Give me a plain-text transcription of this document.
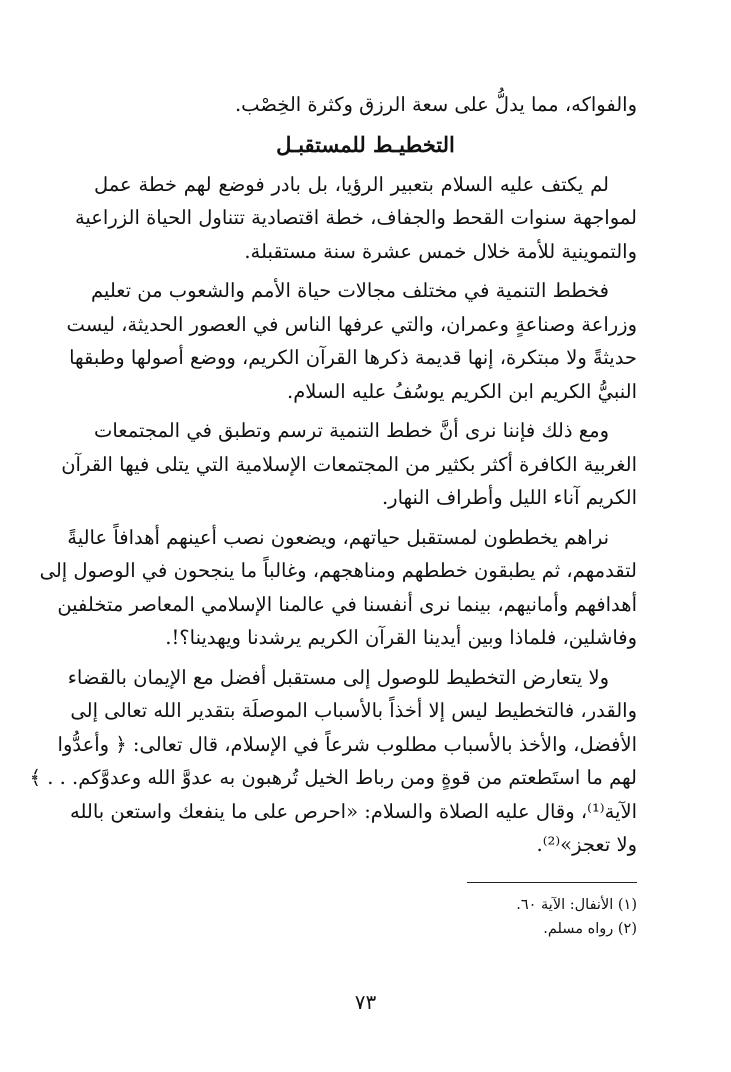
والفواكه، مما يدلُّ على سعة الرزق وكثرة الخِصْب.
التخطيـط للمستقبـل
لم يكتف عليه السلام بتعبير الرؤيا، بل بادر فوضع لهم خطة عمل
لمواجهة سنوات القحط والجفاف، خطة اقتصادية تتناول الحياة الزراعية
والتموينية للأمة خلال خمس عشرة سنة مستقبلة.
فخطط التنمية في مختلف مجالات حياة الأمم والشعوب من تعليم
وزراعة وصناعةٍ وعمران، والتي عرفها الناس في العصور الحديثة، ليست
حديثةً ولا مبتكرة، إنها قديمة ذكرها القرآن الكريم، ووضع أصولها وطبقها
النبيُّ الكريم ابن الكريم يوسُفُ عليه السلام.
ومع ذلك فإننا نرى أنَّ خطط التنمية ترسم وتطبق في المجتمعات
الغربية الكافرة أكثر بكثير من المجتمعات الإسلامية التي يتلى فيها القرآن
الكريم آناء الليل وأطراف النهار.
نراهم يخططون لمستقبل حياتهم، ويضعون نصب أعينهم أهدافاً عاليةً
لتقدمهم، ثم يطبقون خططهم ومناهجهم، وغالباً ما ينجحون في الوصول إلى
أهدافهم وأمانيهم، بينما نرى أنفسنا في عالمنا الإسلامي المعاصر متخلفين
وفاشلين، فلماذا وبين أيدينا القرآن الكريم يرشدنا ويهدينا؟!.
ولا يتعارض التخطيط للوصول إلى مستقبل أفضل مع الإيمان بالقضاء
والقدر، فالتخطيط ليس إلا أخذاً بالأسباب الموصلَة بتقدير الله تعالى إلى
الأفضل، والأخذ بالأسباب مطلوب شرعاً في الإسلام، قال تعالى: ﴿ وأعدُّوا
لهم ما استَطعتم من قوةٍ ومن رباط الخيل تُرهبون به عدوَّ الله وعدوَّكم. . . ﴾
الآية⁽¹⁾، وقال عليه الصلاة والسلام: «احرص على ما ينفعك واستعن بالله
ولا تعجز»⁽²⁾.
(١) الأنفال: الآية ٦٠.
(٢) رواه مسلم.
٧٣
